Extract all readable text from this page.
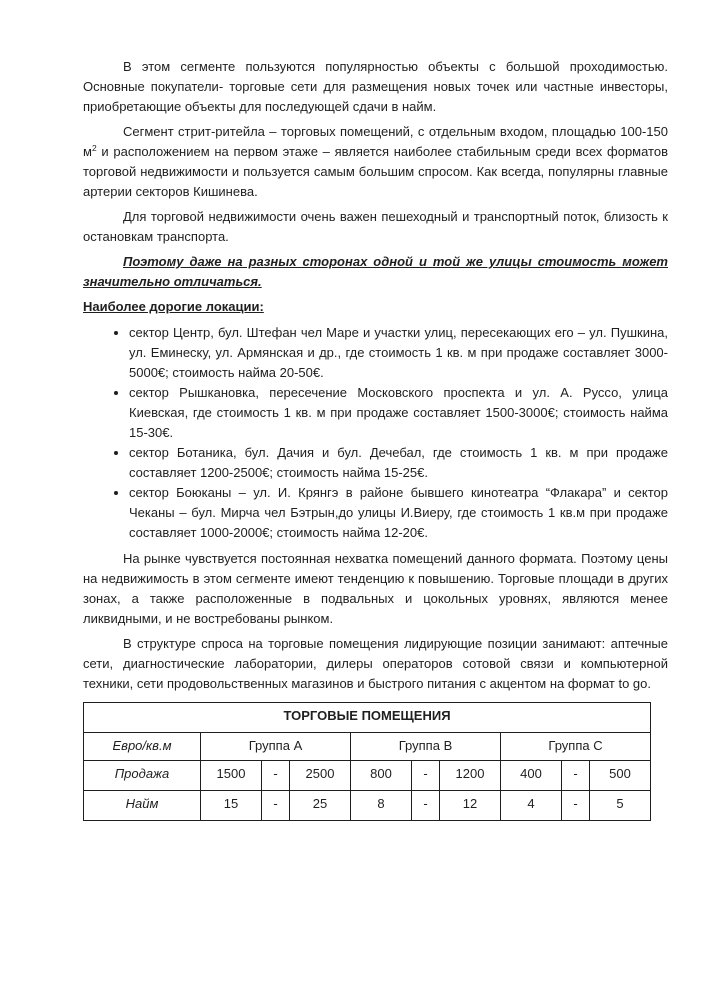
В этом сегменте пользуются популярностью объекты с большой проходимостью. Основные покупатели- торговые сети для размещения новых точек или частные инвесторы, приобретающие объекты для последующей сдачи в найм.

Сегмент стрит-ритейла – торговых помещений, с отдельным входом, площадью 100-150 $м^2$ и расположением на первом этаже – является наиболее стабильным среди всех форматов торговой недвижимости и пользуется самым большим спросом. Как всегда, популярны главные артерии секторов Кишинева.

Для торговой недвижимости очень важен пешеходный и транспортный поток, близость к остановкам транспорта.

Поэтому даже на разных сторонах одной и той же улицы стоимость может значительно отличаться.

Наиболее дорогие локации:

• сектор Центр, бул. Штефан чел Маре и участки улиц, пересекающих его – ул. Пушкина, ул. Еминеску, ул. Армянская и др., где стоимость 1 кв. м при продаже составляет 3000-5000€; стоимость найма 20-50€.
• сектор Рышкановка, пересечение Московского проспекта и ул. А. Руссо, улица Киевская, где стоимость 1 кв. м при продаже составляет 1500-3000€; стоимость найма 15-30€.
• сектор Ботаника, бул. Дачия и бул. Дечебал, где стоимость 1 кв. м при продаже составляет 1200-2500€; стоимость найма 15-25€.
• сектор Боюканы – ул. И. Крянгэ в районе бывшего кинотеатра “Флакара” и сектор Чеканы – бул. Мирча чел Бэтрын,до улицы И.Виеру, где стоимость 1 кв.м при продаже составляет 1000-2000€; стоимость найма 12-20€.

На рынке чувствуется постоянная нехватка помещений данного формата. Поэтому цены на недвижимость в этом сегменте имеют тенденцию к повышению. Торговые площади в других зонах, а также расположенные в подвальных и цокольных уровнях, являются менее ликвидными, и не востребованы рынком.

В структуре спроса на торговые помещения лидирующие позиции занимают: аптечные сети, диагностические лаборатории, дилеры операторов сотовой связи и компьютерной техники, сети продовольственных магазинов и быстрого питания с акцентом на формат to go.

ТОРГОВЫЕ ПОМЕЩЕНИЯ									
Евро/кв.м	Группа A			Группа B			Группа C		
Продажа	1500	-	2500	800	-	1200	400	-	500
Найм	15	-	25	8	-	12	4	-	5
